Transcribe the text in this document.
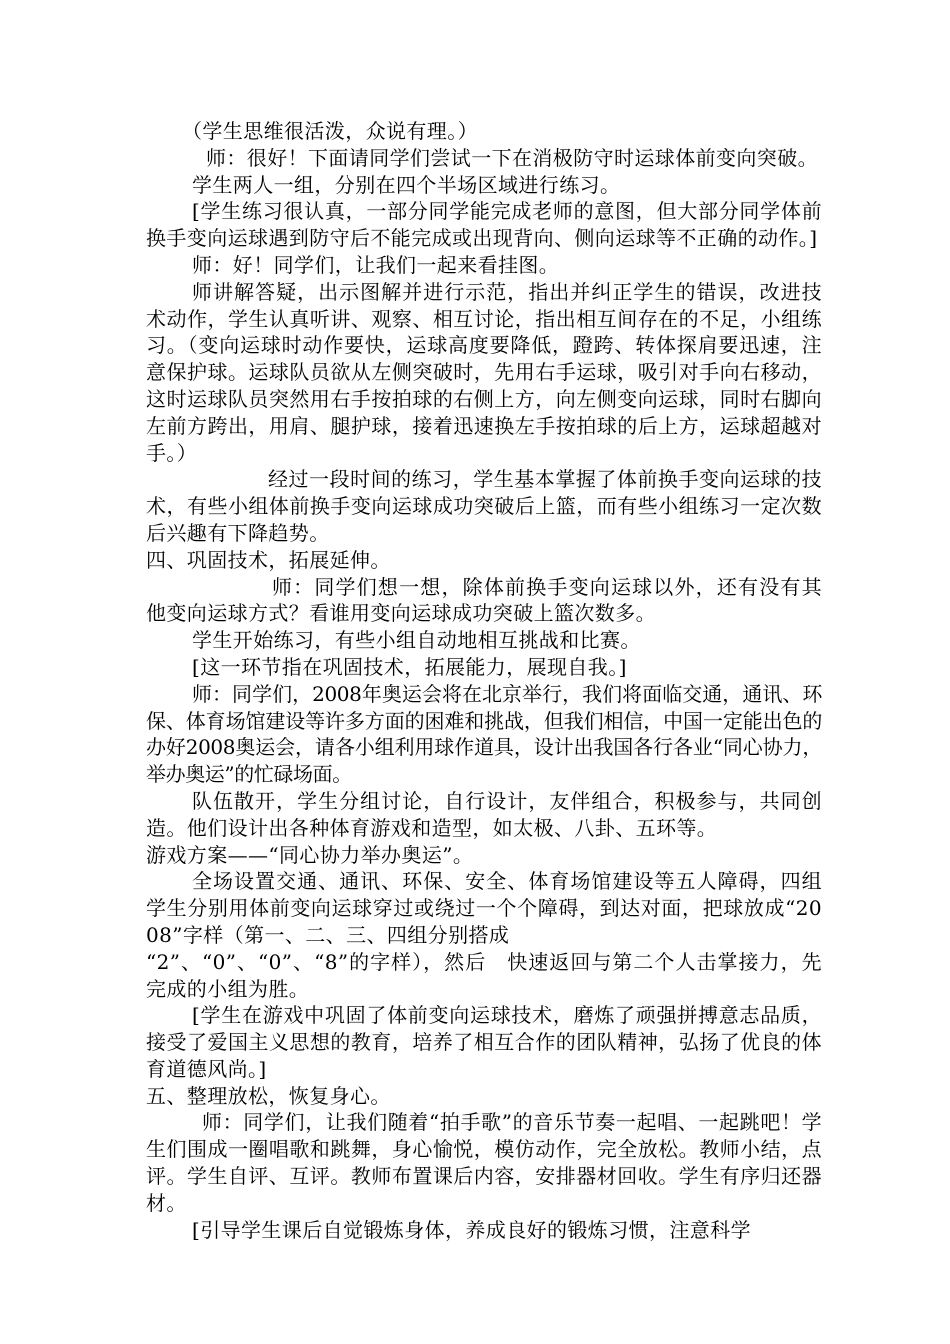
（学生思维很活泼，众说有理。）

师：很好！下面请同学们尝试一下在消极防守时运球体前变向突破。

学生两人一组，分别在四个半场区域进行练习。

[学生练习很认真，一部分同学能完成老师的意图，但大部分同学体前换手变向运球遇到防守后不能完成或出现背向、侧向运球等不正确的动作。]

师：好！同学们，让我们一起来看挂图。

师讲解答疑，出示图解并进行示范，指出并纠正学生的错误，改进技术动作，学生认真听讲、观察、相互讨论，指出相互间存在的不足，小组练习。（变向运球时动作要快，运球高度要降低，蹬跨、转体探肩要迅速，注意保护球。运球队员欲从左侧突破时，先用右手运球，吸引对手向右移动，这时运球队员突然用右手按拍球的右侧上方，向左侧变向运球，同时右脚向左前方跨出，用肩、腿护球，接着迅速换左手按拍球的后上方，运球超越对手。）

经过一段时间的练习，学生基本掌握了体前换手变向运球的技术，有些小组体前换手变向运球成功突破后上篮，而有些小组练习一定次数后兴趣有下降趋势。

四、巩固技术，拓展延伸。

师：同学们想一想，除体前换手变向运球以外，还有没有其他变向运球方式？看谁用变向运球成功突破上篮次数多。

学生开始练习，有些小组自动地相互挑战和比赛。

[这一环节指在巩固技术，拓展能力，展现自我。]

师：同学们，2008年奥运会将在北京举行，我们将面临交通，通讯、环保、体育场馆建设等许多方面的困难和挑战，但我们相信，中国一定能出色的办好2008奥运会，请各小组利用球作道具，设计出我国各行各业“同心协力，举办奥运”的忙碌场面。

队伍散开，学生分组讨论，自行设计，友伴组合，积极参与，共同创造。他们设计出各种体育游戏和造型，如太极、八卦、五环等。

游戏方案——“同心协力举办奥运”。

全场设置交通、通讯、环保、安全、体育场馆建设等五人障碍，四组学生分别用体前变向运球穿过或绕过一个个障碍，到达对面，把球放成“2008”字样（第一、二、三、四组分别搭成

“2”、“0”、“0”、“8”的字样），然后　快速返回与第二个人击掌接力，先完成的小组为胜。

[学生在游戏中巩固了体前变向运球技术，磨炼了顽强拼搏意志品质，接受了爱国主义思想的教育，培养了相互合作的团队精神，弘扬了优良的体育道德风尚。]

五、整理放松，恢复身心。

师：同学们，让我们随着“拍手歌”的音乐节奏一起唱、一起跳吧！学生们围成一圈唱歌和跳舞，身心愉悦，模仿动作，完全放松。教师小结，点评。学生自评、互评。教师布置课后内容，安排器材回收。学生有序归还器材。

[引导学生课后自觉锻炼身体，养成良好的锻炼习惯，注意科学
